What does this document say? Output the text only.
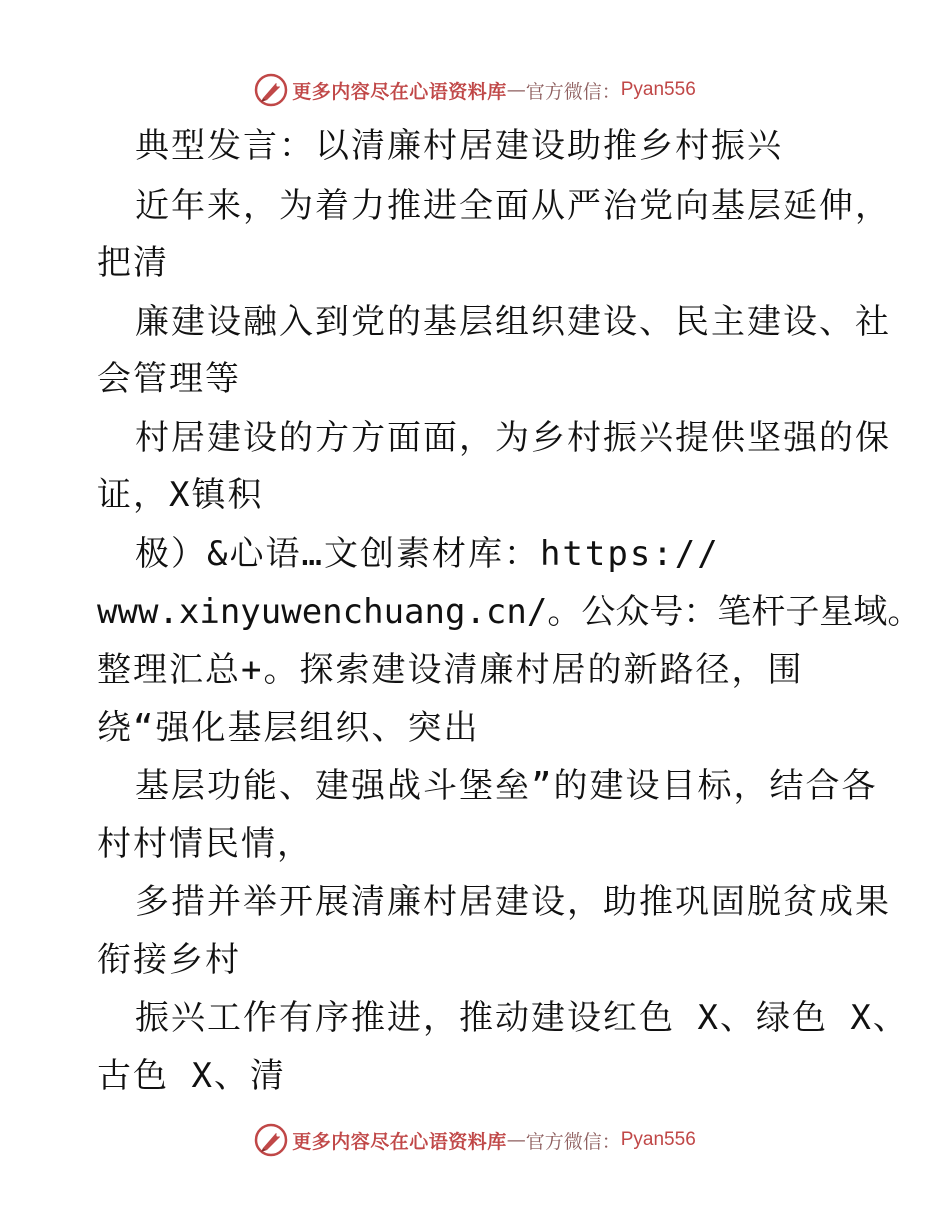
更多内容尽在心语资料库 — 官方微信： Pyan556
典型发言：以清廉村居建设助推乡村振兴
近年来，为着力推进全面从严治党向基层延伸，
把清
廉建设融入到党的基层组织建设、民主建设、社
会管理等
村居建设的方方面面，为乡村振兴提供坚强的保
证，X镇积
极）&心语…文创素材库：https://
www.xinyuwenchuang.cn/。公众号：笔杆子星域。
整理汇总+。探索建设清廉村居的新路径，围
绕“强化基层组织、突出
基层功能、建强战斗堡垒”的建设目标，结合各
村村情民情，
多措并举开展清廉村居建设，助推巩固脱贫成果
衔接乡村
振兴工作有序推进，推动建设红色 X、绿色 X、
古色 X、清
更多内容尽在心语资料库 — 官方微信： Pyan556
